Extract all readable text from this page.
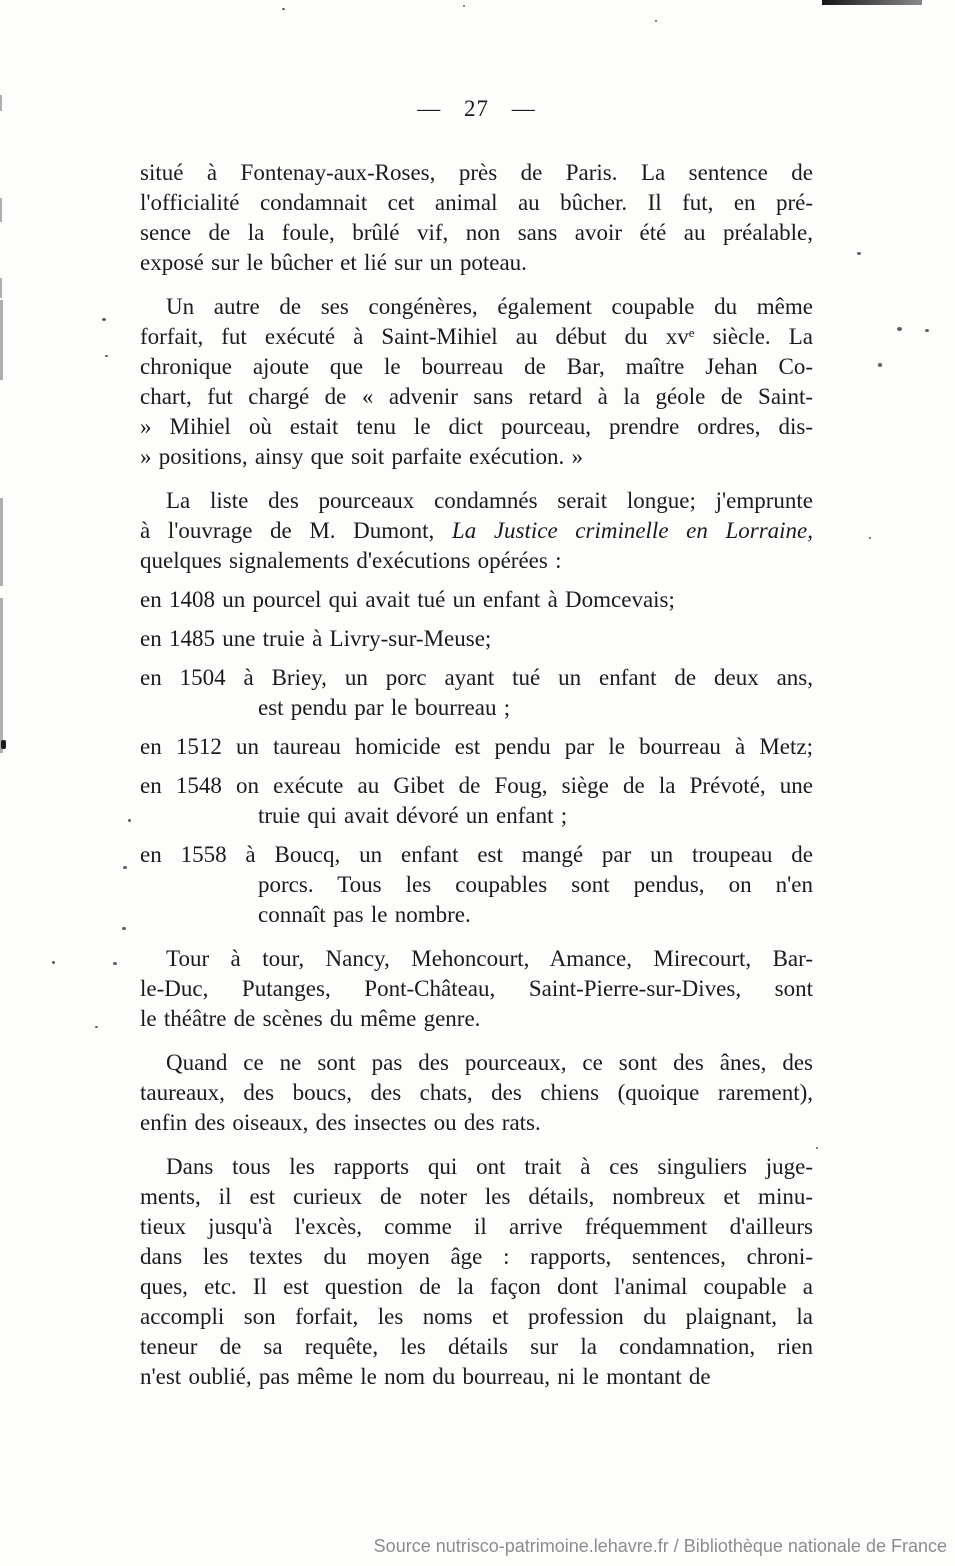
— 27 —
situé à Fontenay-aux-Roses, près de Paris. La sentence de
l'officialité condamnait cet animal au bûcher. Il fut, en pré-
sence de la foule, brûlé vif, non sans avoir été au préalable,
exposé sur le bûcher et lié sur un poteau.
Un autre de ses congénères, également coupable du même
forfait, fut exécuté à Saint-Mihiel au début du $xv^e$ siècle. La
chronique ajoute que le bourreau de Bar, maître Jehan Co-
chart, fut chargé de « advenir sans retard à la géole de Saint-
» Mihiel où estait tenu le dict pourceau, prendre ordres, dis-
» positions, ainsy que soit parfaite exécution. »
La liste des pourceaux condamnés serait longue; j'emprunte
à l'ouvrage de M. Dumont, La Justice criminelle en Lorraine,
quelques signalements d'exécutions opérées :
en 1408 un pourcel qui avait tué un enfant à Domcevais;
en 1485 une truie à Livry-sur-Meuse;
en 1504 à Briey, un porc ayant tué un enfant de deux ans,
est pendu par le bourreau ;
en 1512 un taureau homicide est pendu par le bourreau à Metz;
en 1548 on exécute au Gibet de Foug, siège de la Prévoté, une
truie qui avait dévoré un enfant ;
en 1558 à Boucq, un enfant est mangé par un troupeau de
porcs. Tous les coupables sont pendus, on n'en
connaît pas le nombre.
Tour à tour, Nancy, Mehoncourt, Amance, Mirecourt, Bar-
le-Duc, Putanges, Pont-Château, Saint-Pierre-sur-Dives, sont
le théâtre de scènes du même genre.
Quand ce ne sont pas des pourceaux, ce sont des ânes, des
taureaux, des boucs, des chats, des chiens (quoique rarement),
enfin des oiseaux, des insectes ou des rats.
Dans tous les rapports qui ont trait à ces singuliers juge-
ments, il est curieux de noter les détails, nombreux et minu-
tieux jusqu'à l'excès, comme il arrive fréquemment d'ailleurs
dans les textes du moyen âge : rapports, sentences, chroni-
ques, etc. Il est question de la façon dont l'animal coupable a
accompli son forfait, les noms et profession du plaignant, la
teneur de sa requête, les détails sur la condamnation, rien
n'est oublié, pas même le nom du bourreau, ni le montant de
Source nutrisco-patrimoine.lehavre.fr / Bibliothèque nationale de France
